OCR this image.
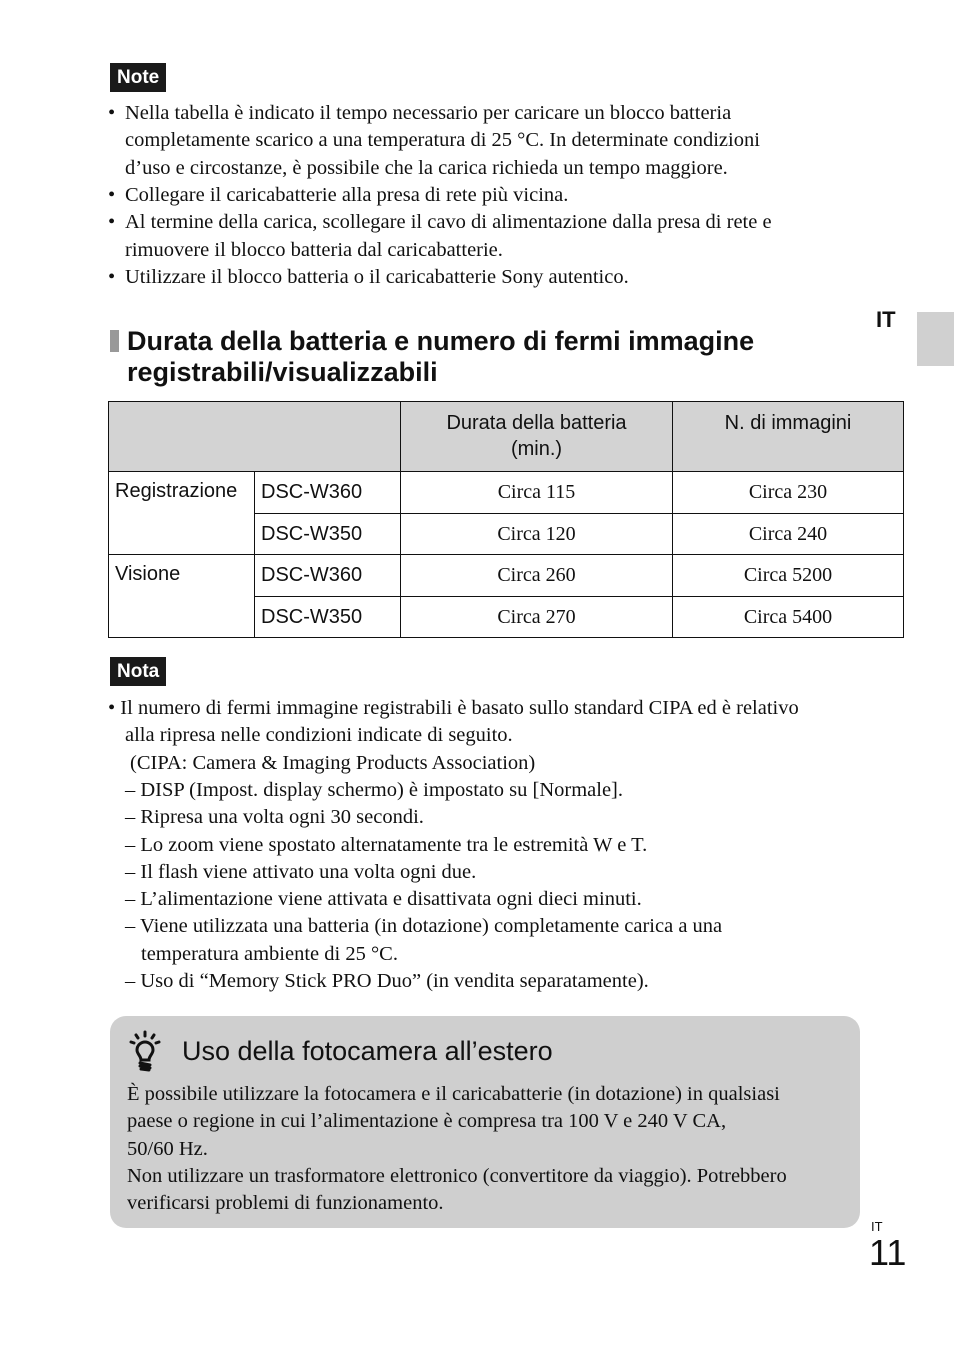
Note
• Nella tabella è indicato il tempo necessario per caricare un blocco batteria
completamente scarico a una temperatura di 25 °C. In determinate condizioni
d’uso e circostanze, è possibile che la carica richieda un tempo maggiore.
• Collegare il caricabatterie alla presa di rete più vicina.
• Al termine della carica, scollegare il cavo di alimentazione dalla presa di rete e
rimuovere il blocco batteria dal caricabatterie.
• Utilizzare il blocco batteria o il caricabatterie Sony autentico.
IT
Durata della batteria e numero di fermi immagine
registrabili/visualizzabili
		Durata della batteria (min.)	N. di immagini
Registrazione	DSC-W360	Circa 115	Circa 230
	DSC-W350	Circa 120	Circa 240
Visione	DSC-W360	Circa 260	Circa 5200
	DSC-W350	Circa 270	Circa 5400
Nota
• Il numero di fermi immagine registrabili è basato sullo standard CIPA ed è relativo
alla ripresa nelle condizioni indicate di seguito.
(CIPA: Camera & Imaging Products Association)
– DISP (Impost. display schermo) è impostato su [Normale].
– Ripresa una volta ogni 30 secondi.
– Lo zoom viene spostato alternatamente tra le estremità W e T.
– Il flash viene attivato una volta ogni due.
– L’alimentazione viene attivata e disattivata ogni dieci minuti.
– Viene utilizzata una batteria (in dotazione) completamente carica a una
temperatura ambiente di 25 °C.
– Uso di “Memory Stick PRO Duo” (in vendita separatamente).
Uso della fotocamera all’estero
È possibile utilizzare la fotocamera e il caricabatterie (in dotazione) in qualsiasi
paese o regione in cui l’alimentazione è compresa tra 100 V e 240 V CA,
50/60 Hz.
Non utilizzare un trasformatore elettronico (convertitore da viaggio). Potrebbero
verificarsi problemi di funzionamento.
IT
11
